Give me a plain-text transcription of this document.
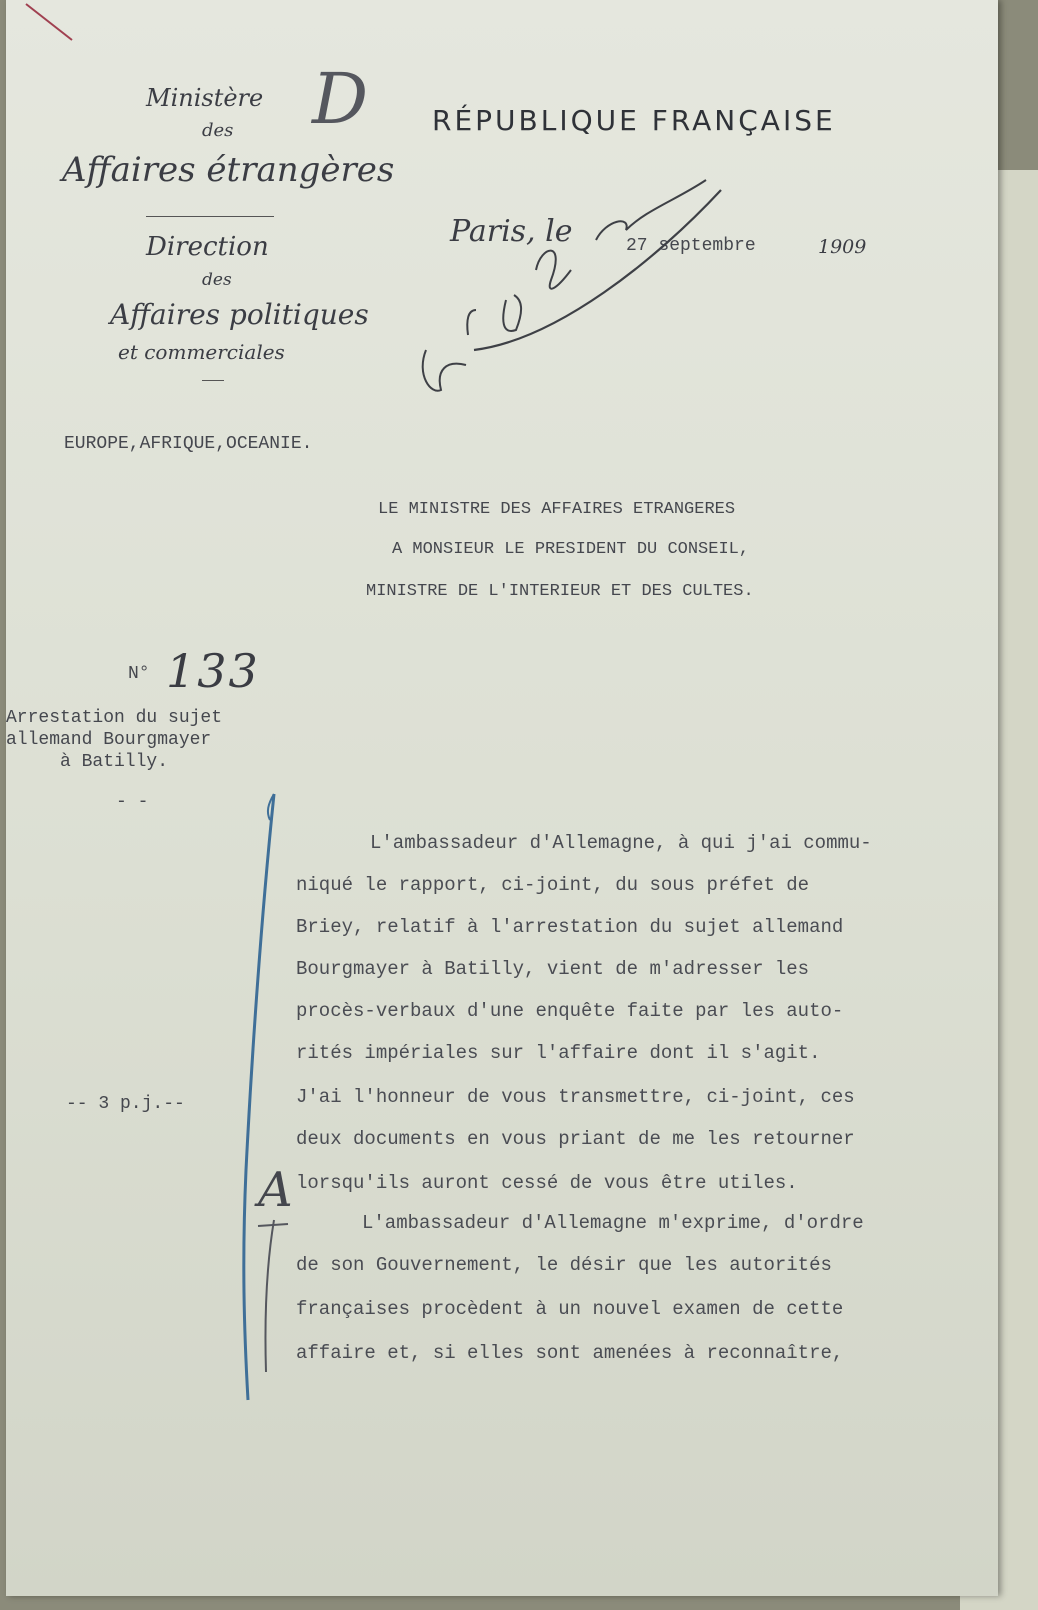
Ministère
des
Affaires étrangères
Direction
des
Affaires politiques
et commerciales
D RÉPUBLIQUE FRANÇAISE
Paris, le	27 septembre	1909
EUROPE,AFRIQUE,OCEANIE.
LE MINISTRE DES AFFAIRES ETRANGERES
A MONSIEUR LE PRESIDENT DU CONSEIL,
MINISTRE DE L'INTERIEUR ET DES CULTES.
N° 133
Arrestation du sujet
allemand Bourgmayer
à Batilly.
- -
-- 3 p.j.--
A
L'ambassadeur d'Allemagne, à qui j'ai commu-
niqué le rapport, ci-joint, du sous préfet de
Briey, relatif à l'arrestation du sujet allemand
Bourgmayer à Batilly, vient de m'adresser les
procès-verbaux d'une enquête faite par les auto-
rités impériales sur l'affaire dont il s'agit.
J'ai l'honneur de vous transmettre, ci-joint, ces
deux documents en vous priant de me les retourner
lorsqu'ils auront cessé de vous être utiles.
L'ambassadeur d'Allemagne m'exprime, d'ordre
de son Gouvernement, le désir que les autorités
françaises procèdent à un nouvel examen de cette
affaire et, si elles sont amenées à reconnaître,
